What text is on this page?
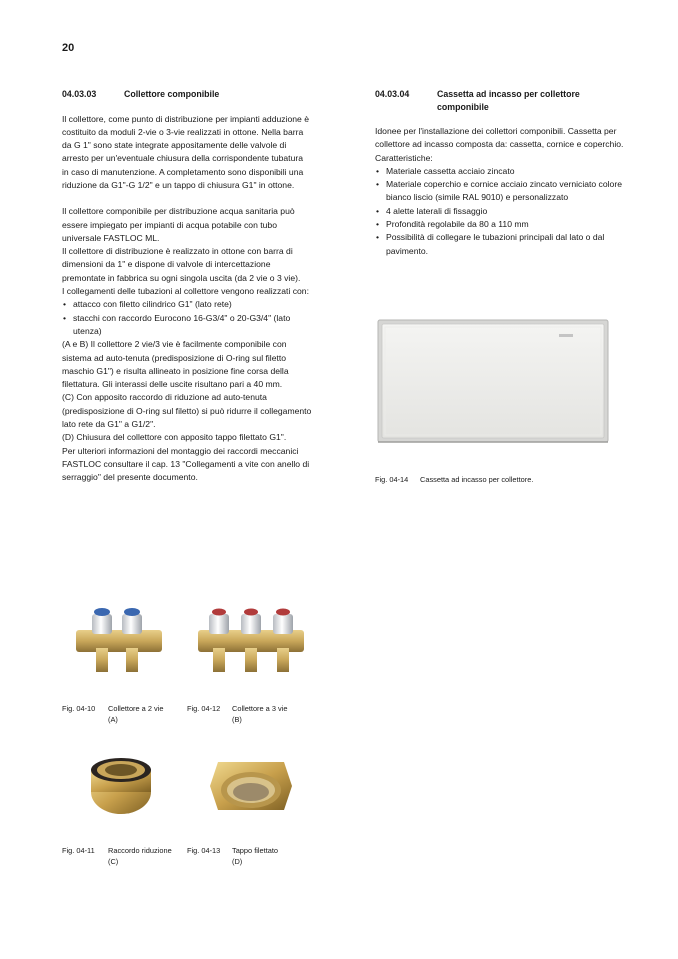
20
04.03.03	Collettore componibile

Il collettore, come punto di distribuzione per impianti adduzione è costituito da moduli 2-vie o 3-vie realizzati in ottone. Nella barra da G 1" sono state integrate appositamente delle valvole di arresto per un'eventuale chiusura della corrispondente tubatura in caso di manutenzione. A completamento sono disponibili una riduzione da G1"-G 1/2" e un tappo di chiusura G1" in ottone.

Il collettore componibile per distribuzione acqua sanitaria può essere impiegato per impianti di acqua potabile con tubo universale FASTLOC ML.

Il collettore di distribuzione è realizzato in ottone con barra di dimensioni da 1" e dispone di valvole di intercettazione premontate in fabbrica su ogni singola uscita (da 2 vie o 3 vie).

I collegamenti delle tubazioni al collettore vengono realizzati con:

• attacco con filetto cilindrico G1" (lato rete)
• stacchi con raccordo Eurocono 16-G3/4" o 20-G3/4" (lato utenza)

(A e B) Il collettore 2 vie/3 vie è facilmente componibile con sistema ad auto-tenuta (predisposizione di O-ring sul filetto maschio G1") e risulta allineato in posizione fine corsa della filettatura. Gli interassi delle uscite risultano pari a 40 mm.

(C) Con apposito raccordo di riduzione ad auto-tenuta (predisposizione di O-ring sul filetto) si può ridurre il collegamento lato rete da G1" a G1/2".

(D) Chiusura del collettore con apposito tappo filettato G1".

Per ulteriori informazioni del montaggio dei raccordi meccanici FASTLOC consultare il cap. 13 "Collegamenti a vite con anello di serraggio" del presente documento.

04.03.04	Cassetta ad incasso per collettore componibile

Idonee per l'installazione dei collettori componibili. Cassetta per collettore ad incasso composta da: cassetta, cornice e coperchio.

Caratteristiche:

• Materiale cassetta acciaio zincato
• Materiale coperchio e cornice acciaio zincato verniciato colore bianco liscio (simile RAL 9010) e personalizzato
• 4 alette laterali di fissaggio
• Profondità regolabile da 80 a 110 mm
• Possibilità di collegare le tubazioni principali dal lato o dal pavimento.
Fig. 04-14	Cassetta ad incasso per collettore.
Fig. 04-10	Collettore a 2 vie
(A)
Fig. 04-12	Collettore a 3 vie
(B)
Fig. 04-11	Raccordo riduzione
(C)
Fig. 04-13	Tappo filettato
(D)
